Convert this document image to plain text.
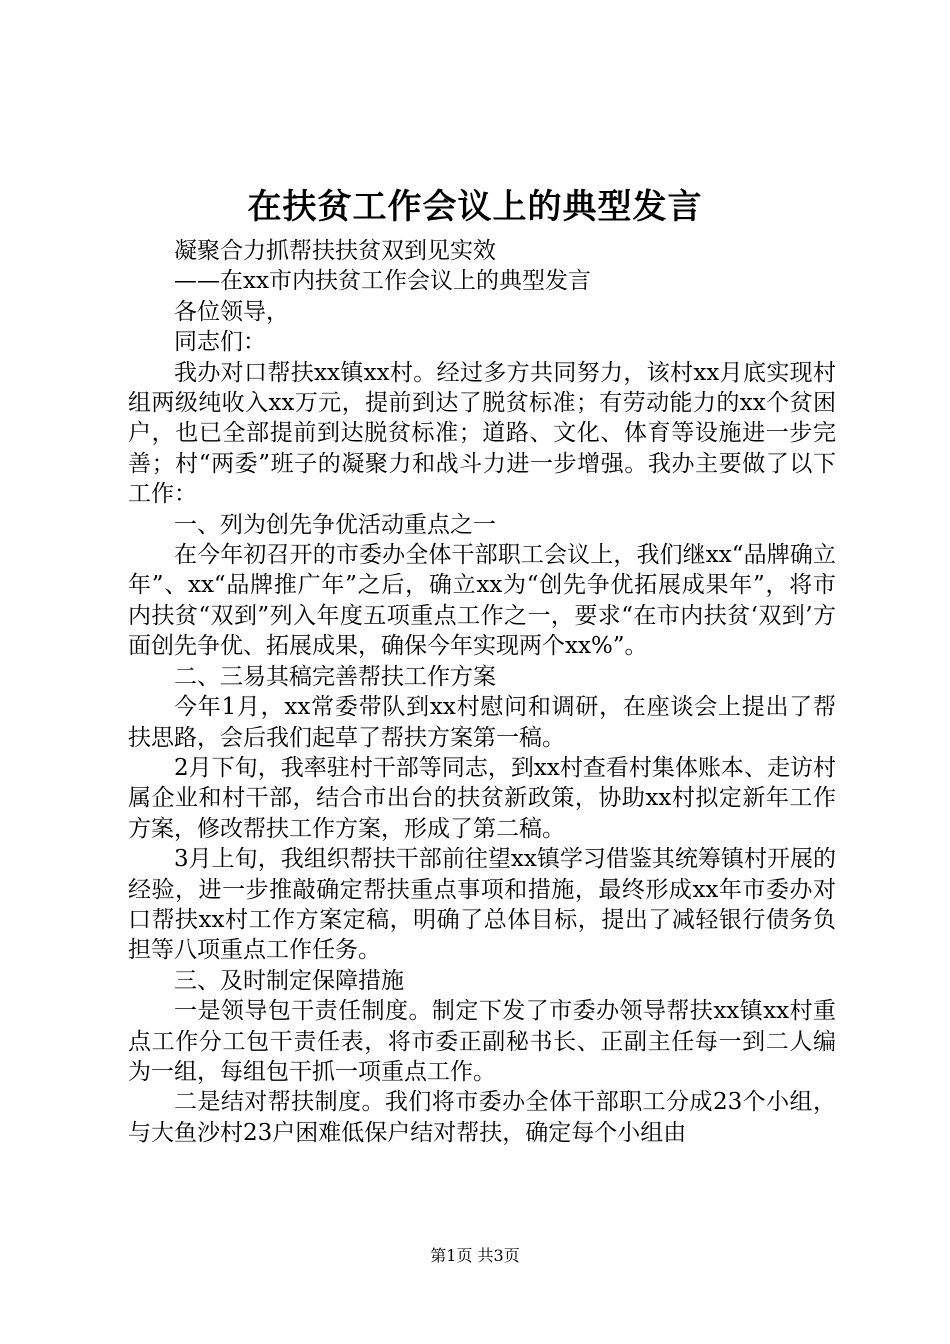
在扶贫工作会议上的典型发言

凝聚合力抓帮扶扶贫双到见实效

——在xx市内扶贫工作会议上的典型发言

各位领导，

同志们：

我办对口帮扶xx镇xx村。经过多方共同努力，该村xx月底实现村组两级纯收入xx万元，提前到达了脱贫标准；有劳动能力的xx个贫困户，也已全部提前到达脱贫标准；道路、文化、体育等设施进一步完善；村“两委”班子的凝聚力和战斗力进一步增强。我办主要做了以下工作：

一、列为创先争优活动重点之一

在今年初召开的市委办全体干部职工会议上，我们继xx“品牌确立年”、xx“品牌推广年”之后，确立xx为“创先争优拓展成果年”，将市内扶贫“双到”列入年度五项重点工作之一，要求“在市内扶贫‘双到’方面创先争优、拓展成果，确保今年实现两个xx%”。

二、三易其稿完善帮扶工作方案

今年1月，xx常委带队到xx村慰问和调研，在座谈会上提出了帮扶思路，会后我们起草了帮扶方案第一稿。

2月下旬，我率驻村干部等同志，到xx村查看村集体账本、走访村属企业和村干部，结合市出台的扶贫新政策，协助xx村拟定新年工作方案，修改帮扶工作方案，形成了第二稿。

3月上旬，我组织帮扶干部前往望xx镇学习借鉴其统筹镇村开展的经验，进一步推敲确定帮扶重点事项和措施，最终形成xx年市委办对口帮扶xx村工作方案定稿，明确了总体目标，提出了减轻银行债务负担等八项重点工作任务。

三、及时制定保障措施

一是领导包干责任制度。制定下发了市委办领导帮扶xx镇xx村重点工作分工包干责任表，将市委正副秘书长、正副主任每一到二人编为一组，每组包干抓一项重点工作。

二是结对帮扶制度。我们将市委办全体干部职工分成23个小组，与大鱼沙村23户困难低保户结对帮扶，确定每个小组由

第1页 共3页
